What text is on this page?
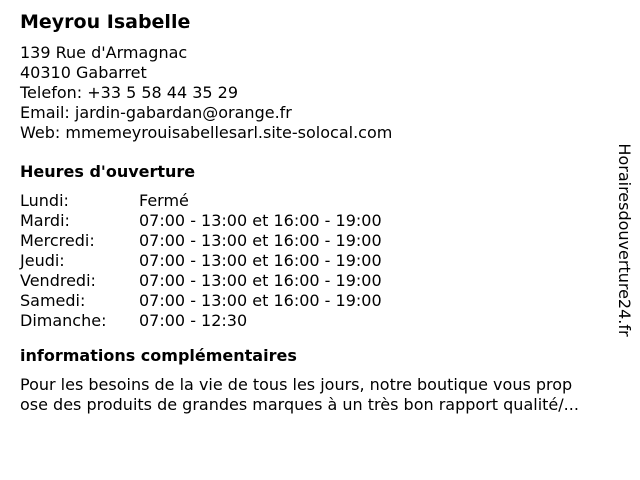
Meyrou Isabelle
139 Rue d'Armagnac
40310 Gabarret
Telefon: +33 5 58 44 35 29
Email: jardin-gabardan@orange.fr
Web: mmemeyrouisabellesarl.site-solocal.com
Heures d'ouverture
Lundi:	Fermé
Mardi:	07:00 - 13:00 et 16:00 - 19:00
Mercredi:	07:00 - 13:00 et 16:00 - 19:00
Jeudi:	07:00 - 13:00 et 16:00 - 19:00
Vendredi:	07:00 - 13:00 et 16:00 - 19:00
Samedi:	07:00 - 13:00 et 16:00 - 19:00
Dimanche:	07:00 - 12:30
informations complémentaires
Pour les besoins de la vie de tous les jours, notre boutique vous prop
ose des produits de grandes marques à un très bon rapport qualité/...
Horairesdouverture24.fr
